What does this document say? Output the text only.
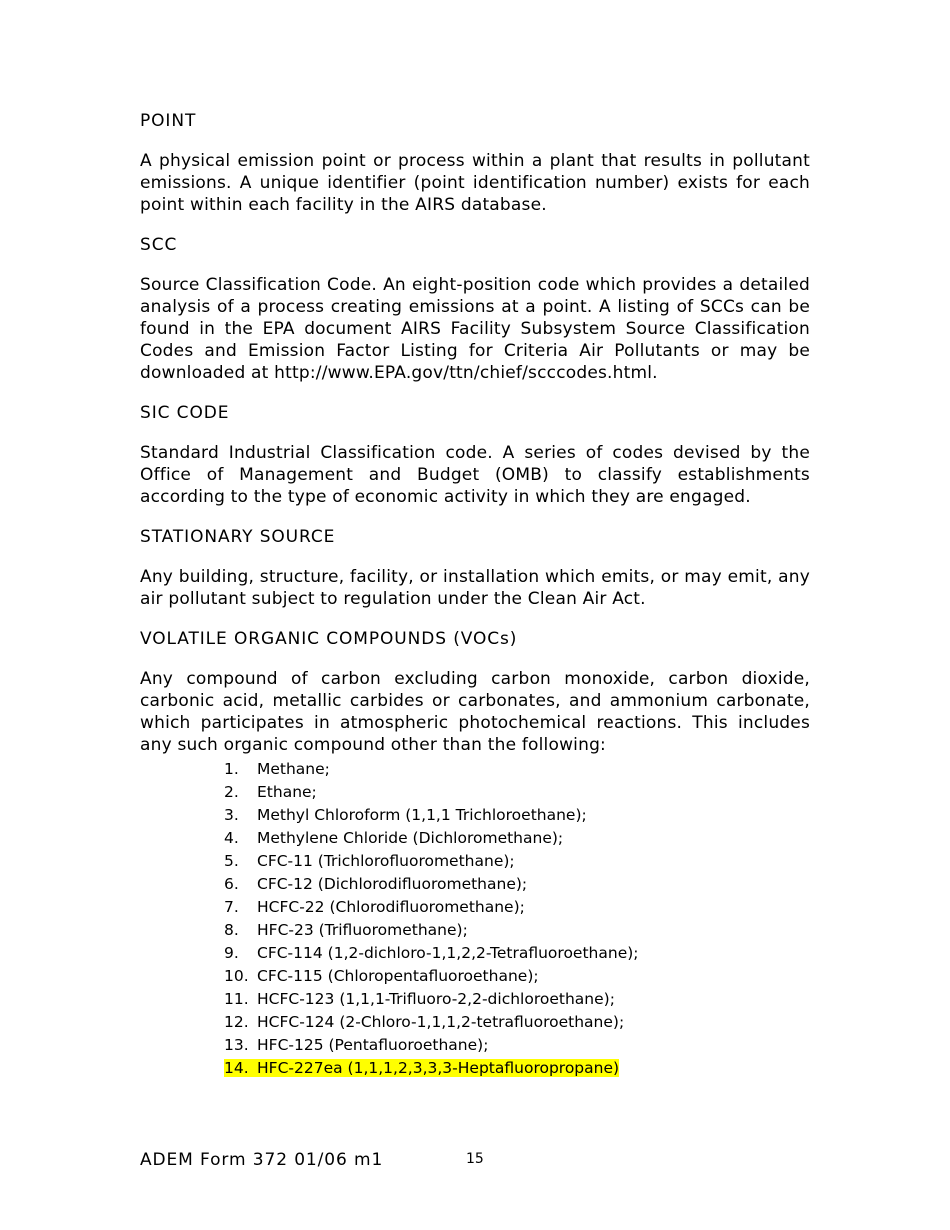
POINT

A physical emission point or process within a plant that results in pollutant emissions. A unique identifier (point identification number) exists for each point within each facility in the AIRS database.

SCC

Source Classification Code. An eight-position code which provides a detailed analysis of a process creating emissions at a point. A listing of SCCs can be found in the EPA document AIRS Facility Subsystem Source Classification Codes and Emission Factor Listing for Criteria Air Pollutants or may be downloaded at http://www.EPA.gov/ttn/chief/scccodes.html.

SIC CODE

Standard Industrial Classification code. A series of codes devised by the Office of Management and Budget (OMB) to classify establishments according to the type of economic activity in which they are engaged.

STATIONARY SOURCE

Any building, structure, facility, or installation which emits, or may emit, any air pollutant subject to regulation under the Clean Air Act.

VOLATILE ORGANIC COMPOUNDS (VOCs)

Any compound of carbon excluding carbon monoxide, carbon dioxide, carbonic acid, metallic carbides or carbonates, and ammonium carbonate, which participates in atmospheric photochemical reactions. This includes any such organic compound other than the following:

1. Methane;
2. Ethane;
3. Methyl Chloroform (1,1,1 Trichloroethane);
4. Methylene Chloride (Dichloromethane);
5. CFC-11 (Trichlorofluoromethane);
6. CFC-12 (Dichlorodifluoromethane);
7. HCFC-22 (Chlorodifluoromethane);
8. HFC-23 (Trifluoromethane);
9. CFC-114 (1,2-dichloro-1,1,2,2-Tetrafluoroethane);
10. CFC-115 (Chloropentafluoroethane);
11. HCFC-123 (1,1,1-Trifluoro-2,2-dichloroethane);
12. HCFC-124 (2-Chloro-1,1,1,2-tetrafluoroethane);
13. HFC-125 (Pentafluoroethane);
14. HFC-227ea (1,1,1,2,3,3,3-Heptafluoropropane)
ADEM Form 372 01/06 m1	15
